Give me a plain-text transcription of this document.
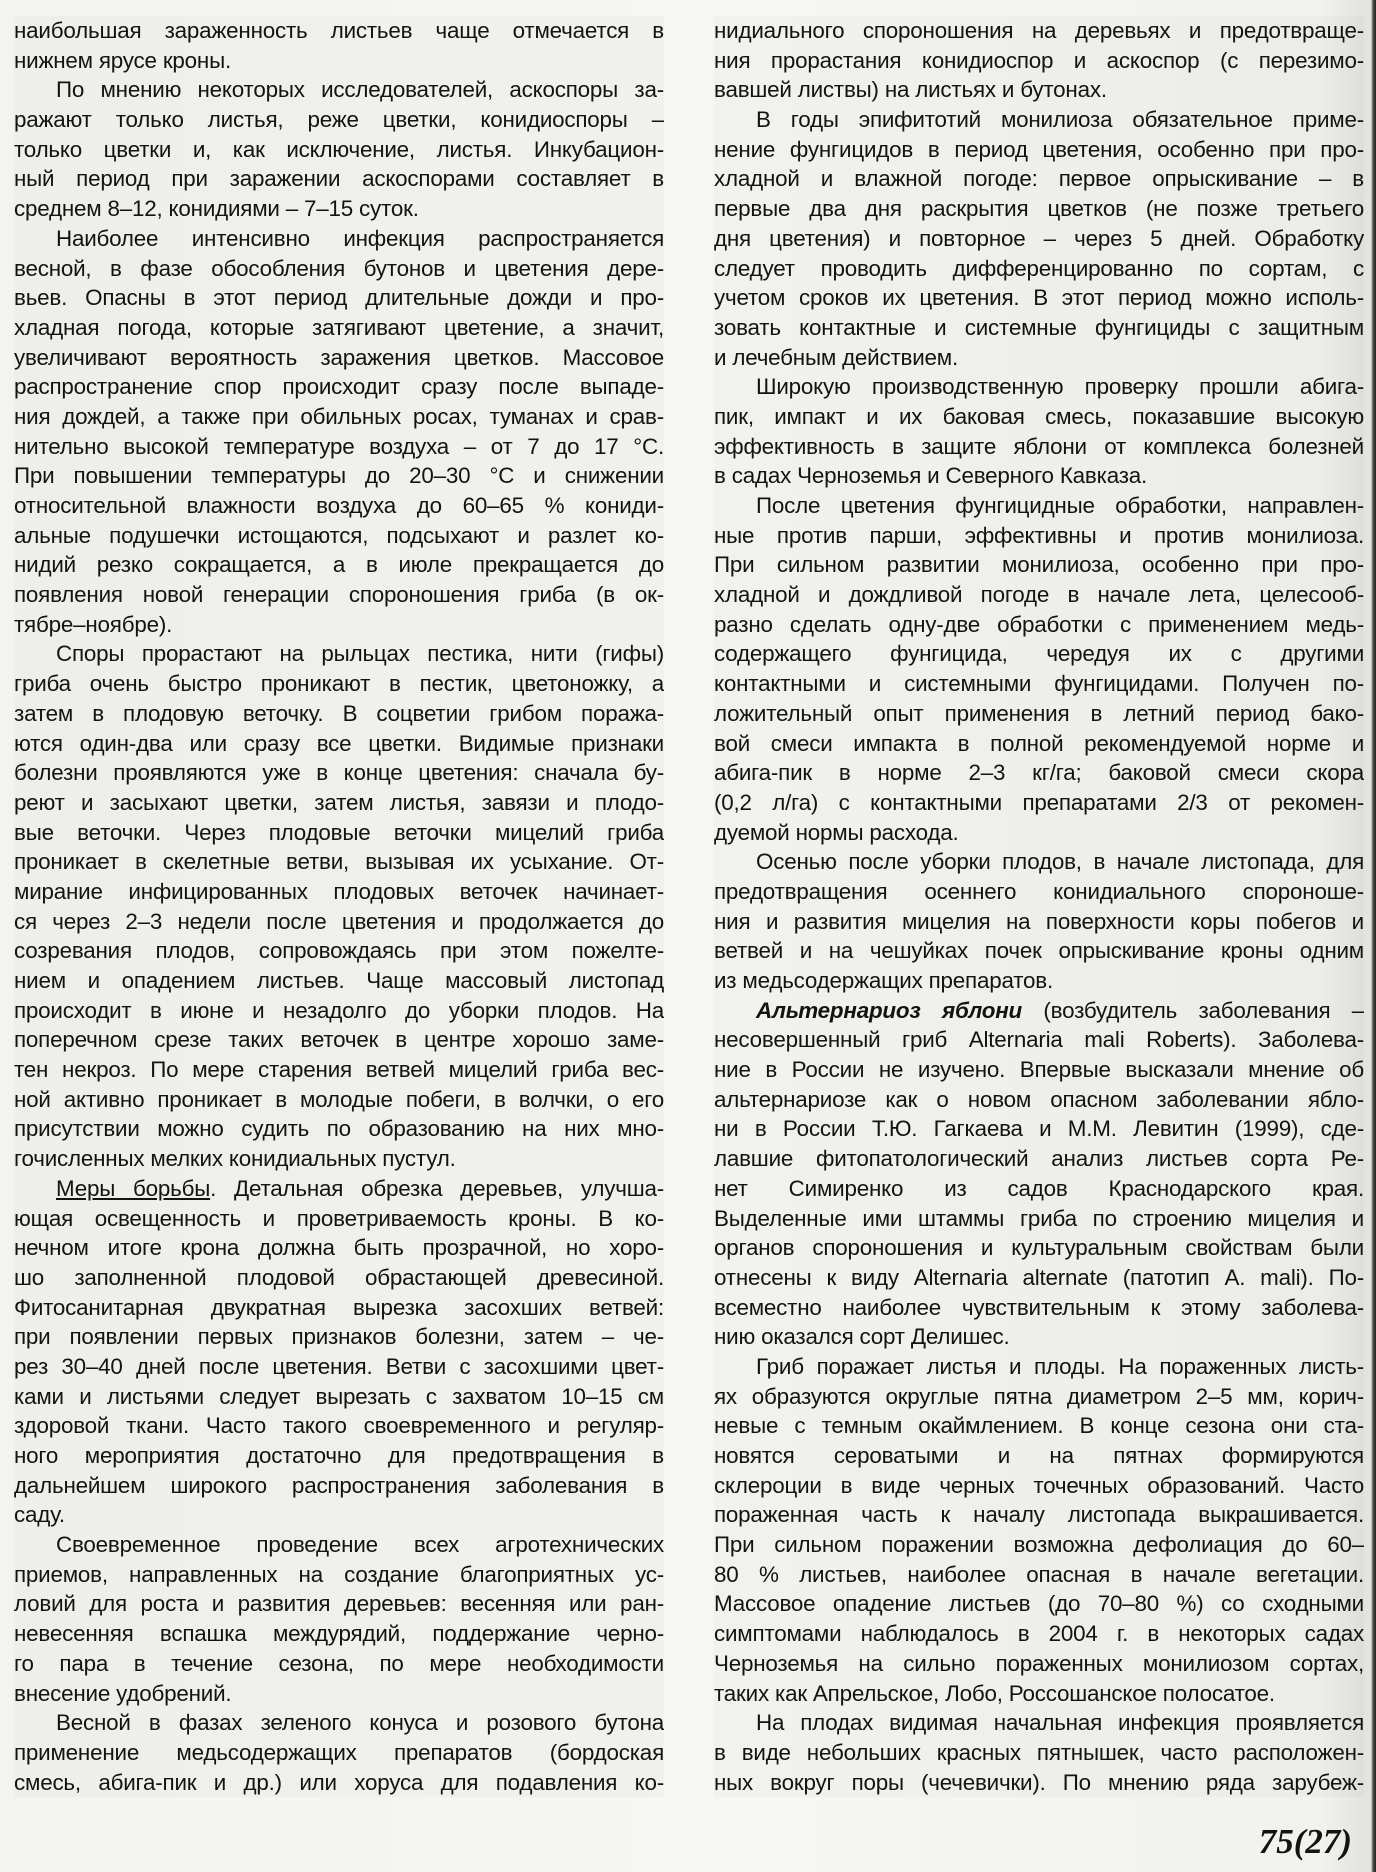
наибольшая зараженность листьев чаще отмечается в
нижнем ярусе кроны.
По мнению некоторых исследователей, аскоспоры за-
ражают только листья, реже цветки, конидиоспоры –
только цветки и, как исключение, листья. Инкубацион-
ный период при заражении аскоспорами составляет в
среднем 8–12, конидиями – 7–15 суток.
Наиболее интенсивно инфекция распространяется
весной, в фазе обособления бутонов и цветения дере-
вьев. Опасны в этот период длительные дожди и про-
хладная погода, которые затягивают цветение, а значит,
увеличивают вероятность заражения цветков. Массовое
распространение спор происходит сразу после выпаде-
ния дождей, а также при обильных росах, туманах и срав-
нительно высокой температуре воздуха – от 7 до 17 °С.
При повышении температуры до 20–30 °С и снижении
относительной влажности воздуха до 60–65 % кониди-
альные подушечки истощаются, подсыхают и разлет ко-
нидий резко сокращается, а в июле прекращается до
появления новой генерации спороношения гриба (в ок-
тябре–ноябре).
Споры прорастают на рыльцах пестика, нити (гифы)
гриба очень быстро проникают в пестик, цветоножку, а
затем в плодовую веточку. В соцветии грибом поража-
ются один-два или сразу все цветки. Видимые признаки
болезни проявляются уже в конце цветения: сначала бу-
реют и засыхают цветки, затем листья, завязи и плодо-
вые веточки. Через плодовые веточки мицелий гриба
проникает в скелетные ветви, вызывая их усыхание. От-
мирание инфицированных плодовых веточек начинает-
ся через 2–3 недели после цветения и продолжается до
созревания плодов, сопровождаясь при этом пожелте-
нием и опадением листьев. Чаще массовый листопад
происходит в июне и незадолго до уборки плодов. На
поперечном срезе таких веточек в центре хорошо заме-
тен некроз. По мере старения ветвей мицелий гриба вес-
ной активно проникает в молодые побеги, в волчки, о его
присутствии можно судить по образованию на них мно-
гочисленных мелких конидиальных пустул.
Меры борьбы. Детальная обрезка деревьев, улучша-
ющая освещенность и проветриваемость кроны. В ко-
нечном итоге крона должна быть прозрачной, но хоро-
шо заполненной плодовой обрастающей древесиной.
Фитосанитарная двукратная вырезка засохших ветвей:
при появлении первых признаков болезни, затем – че-
рез 30–40 дней после цветения. Ветви с засохшими цвет-
ками и листьями следует вырезать с захватом 10–15 см
здоровой ткани. Часто такого своевременного и регуляр-
ного мероприятия достаточно для предотвращения в
дальнейшем широкого распространения заболевания в
саду.
Своевременное проведение всех агротехнических
приемов, направленных на создание благоприятных ус-
ловий для роста и развития деревьев: весенняя или ран-
невесенняя вспашка междурядий, поддержание черно-
го пара в течение сезона, по мере необходимости
внесение удобрений.
Весной в фазах зеленого конуса и розового бутона
применение медьсодержащих препаратов (бордоская
смесь, абига-пик и др.) или хоруса для подавления ко-
нидиального спороношения на деревьях и предотвраще-
ния прорастания конидиоспор и аскоспор (с перезимо-
вавшей листвы) на листьях и бутонах.
В годы эпифитотий монилиоза обязательное приме-
нение фунгицидов в период цветения, особенно при про-
хладной и влажной погоде: первое опрыскивание – в
первые два дня раскрытия цветков (не позже третьего
дня цветения) и повторное – через 5 дней. Обработку
следует проводить дифференцированно по сортам, с
учетом сроков их цветения. В этот период можно исполь-
зовать контактные и системные фунгициды с защитным
и лечебным действием.
Широкую производственную проверку прошли абига-
пик, импакт и их баковая смесь, показавшие высокую
эффективность в защите яблони от комплекса болезней
в садах Черноземья и Северного Кавказа.
После цветения фунгицидные обработки, направлен-
ные против парши, эффективны и против монилиоза.
При сильном развитии монилиоза, особенно при про-
хладной и дождливой погоде в начале лета, целесооб-
разно сделать одну-две обработки с применением медь-
содержащего фунгицида, чередуя их с другими
контактными и системными фунгицидами. Получен по-
ложительный опыт применения в летний период бако-
вой смеси импакта в полной рекомендуемой норме и
абига-пик в норме 2–3 кг/га; баковой смеси скора
(0,2 л/га) с контактными препаратами 2/3 от рекомен-
дуемой нормы расхода.
Осенью после уборки плодов, в начале листопада, для
предотвращения осеннего конидиального спороноше-
ния и развития мицелия на поверхности коры побегов и
ветвей и на чешуйках почек опрыскивание кроны одним
из медьсодержащих препаратов.
Альтернариоз яблони (возбудитель заболевания –
несовершенный гриб Alternaria mali Roberts). Заболева-
ние в России не изучено. Впервые высказали мнение об
альтернариозе как о новом опасном заболевании ябло-
ни в России Т.Ю. Гагкаева и М.М. Левитин (1999), сде-
лавшие фитопатологический анализ листьев сорта Ре-
нет Симиренко из садов Краснодарского края.
Выделенные ими штаммы гриба по строению мицелия и
органов спороношения и культуральным свойствам были
отнесены к виду Alternaria alternate (патотип A. mali). По-
всеместно наиболее чувствительным к этому заболева-
нию оказался сорт Делишес.
Гриб поражает листья и плоды. На пораженных листь-
ях образуются округлые пятна диаметром 2–5 мм, корич-
невые с темным окаймлением. В конце сезона они ста-
новятся сероватыми и на пятнах формируются
склероции в виде черных точечных образований. Часто
пораженная часть к началу листопада выкрашивается.
При сильном поражении возможна дефолиация до 60–
80 % листьев, наиболее опасная в начале вегетации.
Массовое опадение листьев (до 70–80 %) со сходными
симптомами наблюдалось в 2004 г. в некоторых садах
Черноземья на сильно пораженных монилиозом сортах,
таких как Апрельское, Лобо, Россошанское полосатое.
На плодах видимая начальная инфекция проявляется
в виде небольших красных пятнышек, часто расположен-
ных вокруг поры (чечевички). По мнению ряда зарубеж-
75(27)
